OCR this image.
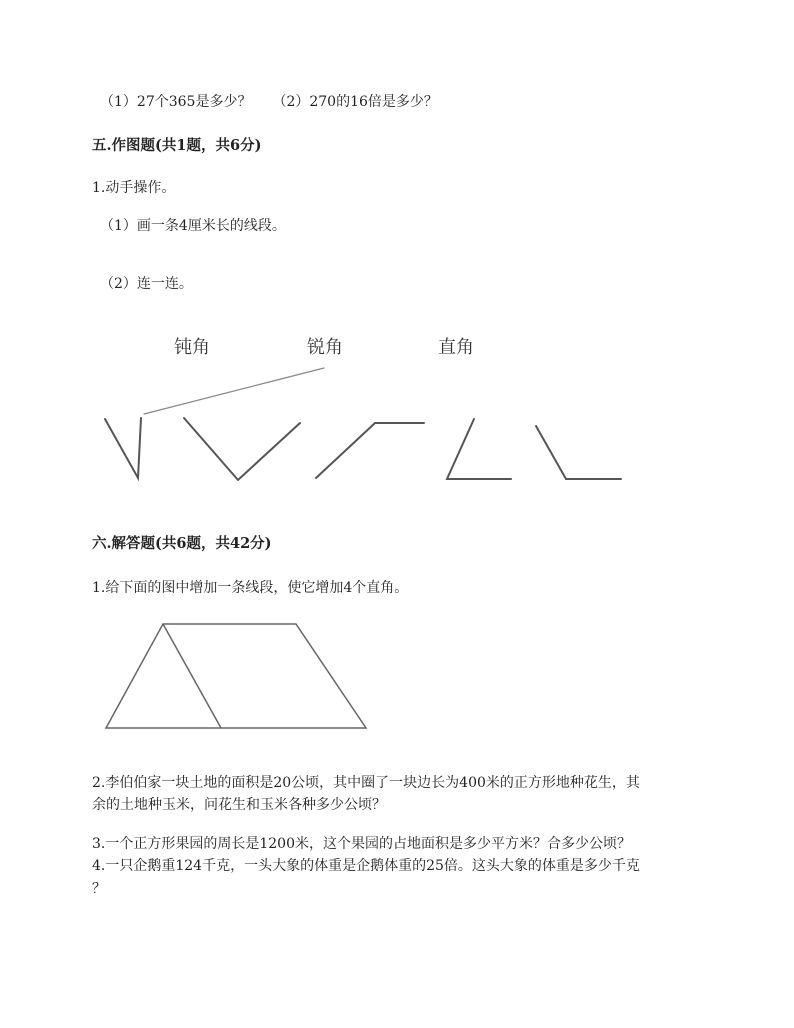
（1）27个365是多少？　　（2）270的16倍是多少？
五.作图题(共1题，共6分)
1.动手操作。
（1）画一条4厘米长的线段。
（2）连一连。
钝角	锐角	直角
六.解答题(共6题，共42分)
1.给下面的图中增加一条线段，使它增加4个直角。
2.李伯伯家一块土地的面积是20公顷，其中圈了一块边长为400米的正方形地种花生，其
余的土地种玉米，问花生和玉米各种多少公顷？
3.一个正方形果园的周长是1200米，这个果园的占地面积是多少平方米？合多少公顷？
4.一只企鹅重124千克，一头大象的体重是企鹅体重的25倍。这头大象的体重是多少千克
？
